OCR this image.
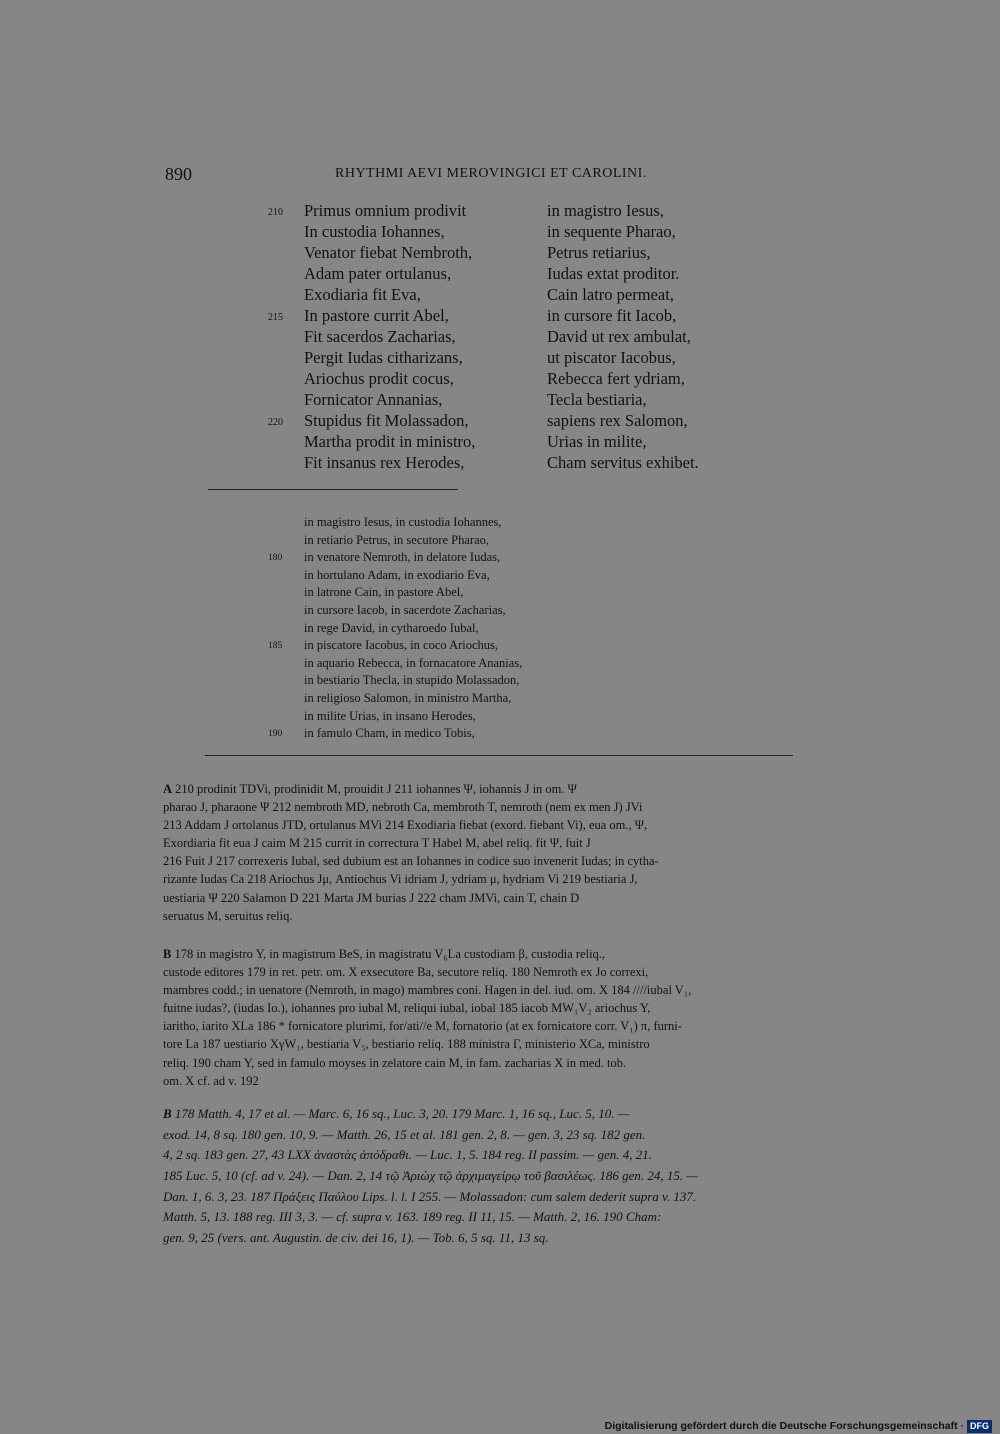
890	RHYTHMI AEVI MEROVINGICI ET CAROLINI.
210	Primus omnium prodivit	in magistro Iesus,
In custodia Iohannes,	in sequente Pharao,
Venator fiebat Nembroth,	Petrus retiarius,
Adam pater ortulanus,	Iudas extat proditor.
Exodiaria fit Eva,	Cain latro permeat,
215	In pastore currit Abel,	in cursore fit Iacob,
Fit sacerdos Zacharias,	David ut rex ambulat,
Pergit Iudas citharizans,	ut piscator Iacobus,
Ariochus prodit cocus,	Rebecca fert ydriam,
Fornicator Annanias,	Tecla bestiaria,
220	Stupidus fit Molassadon,	sapiens rex Salomon,
Martha prodit in ministro,	Urias in milite,
Fit insanus rex Herodes,	Cham servitus exhibet.
in magistro Iesus, in custodia Iohannes,
in retiario Petrus, in secutore Pharao,
180	in venatore Nemroth, in delatore Iudas,
in hortulano Adam, in exodiario Eva,
in latrone Cain, in pastore Abel,
in cursore Iacob, in sacerdote Zacharias,
in rege David, in cytharoedo Iubal,
185	in piscatore Iacobus, in coco Ariochus,
in aquario Rebecca, in fornacatore Ananias,
in bestiario Thecla, in stupido Molassadon,
in religioso Salomon, in ministro Martha,
in milite Urias, in insano Herodes,
190	in famulo Cham, in medico Tobis,
A 210 prodinit TDVi, prodinidit M, prouidit J 211 iohannes Ψ, iohannis J in om. Ψ
pharao J, pharaone Ψ 212 nembroth MD, nebroth Ca, membroth T, nemroth (nem ex men J) JVi
213 Addam J ortolanus JTD, ortulanus MVi 214 Exodiaria fiebat (exord. fiebant Vi), eua om., Ψ,
Exordiaria fit eua J caim M 215 currit in correctura T Habel M, abel reliq. fit Ψ, fuit J
216 Fuit J 217 correxeris Iubal, sed dubium est an Iohannes in codice suo invenerit Iudas; in cytha-
rizante Iudas Ca 218 Ariochus Jμ, Antiochus Vi idriam J, ydriam μ, hydriam Vi 219 bestiaria J,
uestiaria Ψ 220 Salamon D 221 Marta JM burias J 222 cham JMVi, cain T, chain D
seruatus M, seruitus reliq.
B 178 in magistro Y, in magistrum BeS, in magistratu V₆La custodiam β, custodia reliq.,
custode editores 179 in ret. petr. om. X exsecutore Ba, secutore reliq. 180 Nemroth ex Jo correxi,
mambres codd.; in uenatore (Nemroth, in mago) mambres coni. Hagen in del. iud. om. X 184 ////iubal V₁,
fuitne iudas?, (iudas Io.), iohannes pro iubal M, reliqui iubal, iobal 185 iacob MW₁V₂ ariochus Y,
iaritho, iarito XLa 186 * fornicatore plurimi, for/ati//e M, fornatorio (at ex fornicatore corr. V₁) π, furni-
tore La 187 uestiario XγW₁, bestiaria V₅, bestiario reliq. 188 ministra Γ, ministerio XCa, ministro
reliq. 190 cham Y, sed in famulo moyses in zelatore cain M, in fam. zacharias X in med. tob.
om. X cf. ad v. 192
B 178 Matth. 4, 17 et al. — Marc. 6, 16 sq., Luc. 3, 20. 179 Marc. 1, 16 sq., Luc. 5, 10. —
exod. 14, 8 sq. 180 gen. 10, 9. — Matth. 26, 15 et al. 181 gen. 2, 8. — gen. 3, 23 sq. 182 gen.
4, 2 sq. 183 gen. 27, 43 LXX ἀναστὰς ἀπόδραθι. — Luc. 1, 5. 184 reg. II passim. — gen. 4, 21.
185 Luc. 5, 10 (cf. ad v. 24). — Dan. 2, 14 τῷ Ἀριὼχ τῷ ἀρχιμαγείρῳ τοῦ βασιλέως. 186 gen. 24, 15. —
Dan. 1, 6. 3, 23. 187 Πράξεις Παύλου Lips. l. l. I 255. — Molassadon: cum salem dederit supra v. 137.
Matth. 5, 13. 188 reg. III 3, 3. — cf. supra v. 163. 189 reg. II 11, 15. — Matth. 2, 16. 190 Cham:
gen. 9, 25 (vers. ant. Augustin. de civ. dei 16, 1). — Tob. 6, 5 sq. 11, 13 sq.
Digitalisierung gefördert durch die Deutsche Forschungsgemeinschaft · DFG
